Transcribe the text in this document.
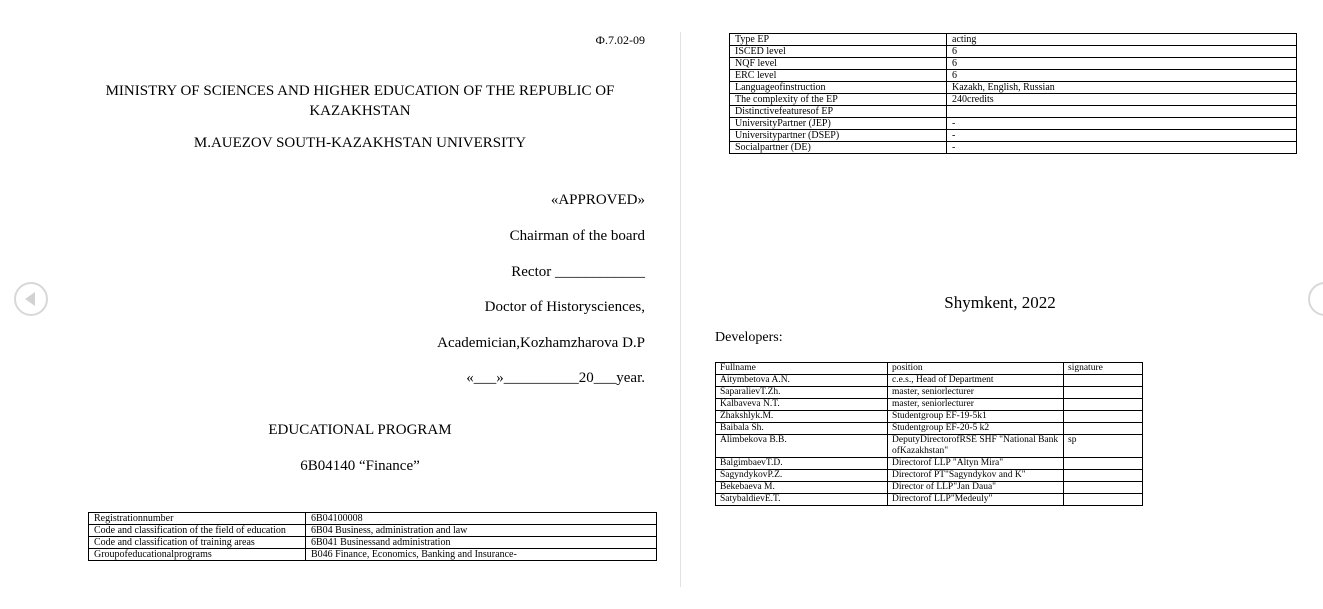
Ф.7.02-09
MINISTRY OF SCIENCES AND HIGHER EDUCATION OF THE REPUBLIC OF KAZAKHSTAN
M.AUEZOV SOUTH-KAZAKHSTAN UNIVERSITY
«APPROVED»
Chairman of the board
Rector ____________
Doctor of Historysciences,
Academician,Kozhamzharova D.P
«___»__________20___year.
EDUCATIONAL PROGRAM
6B04140 “Finance”
Registrationnumber	6B04100008
Code and classification of the field of education	6B04 Business, administration and law
Code and classification of training areas	6B041 Businessand administration
Groupofeducationalprograms	B046 Finance, Economics, Banking and Insurance-
Type EP	acting
ISCED level	6
NQF level	6
ERC level	6
Languageofinstruction	Kazakh, English, Russian
The complexity of the EP	240credits
Distinctivefeaturesof EP	
UniversityPartner (JEP)	-
Universitypartner (DSEP)	-
Socialpartner (DE)	-
Shymkent, 2022
Developers:
Fullname	position	signature
Aitymbetova A.N.	c.e.s., Head of Department	
SaparalievT.Zh.	master, seniorlecturer	
Kalbaveva N.T.	master, seniorlecturer	
Zhakshlyk.M.	Studentgroup EF-19-5k1	
Baibala Sh.	Studentgroup EF-20-5 k2	
Alimbekova B.B.	DeputyDirectorofRSE SHF "National Bank ofKazakhstan"	sp
BalgimbaevT.D.	Directorof LLP "Altyn Mira"	
SagyndykovP.Z.	Directorof PT"Sagyndykov and K"	
Bekebaeva M.	Director of LLP"Jan Daua"	
SatybaldievE.T.	Directorof LLP"Medeuly"	
